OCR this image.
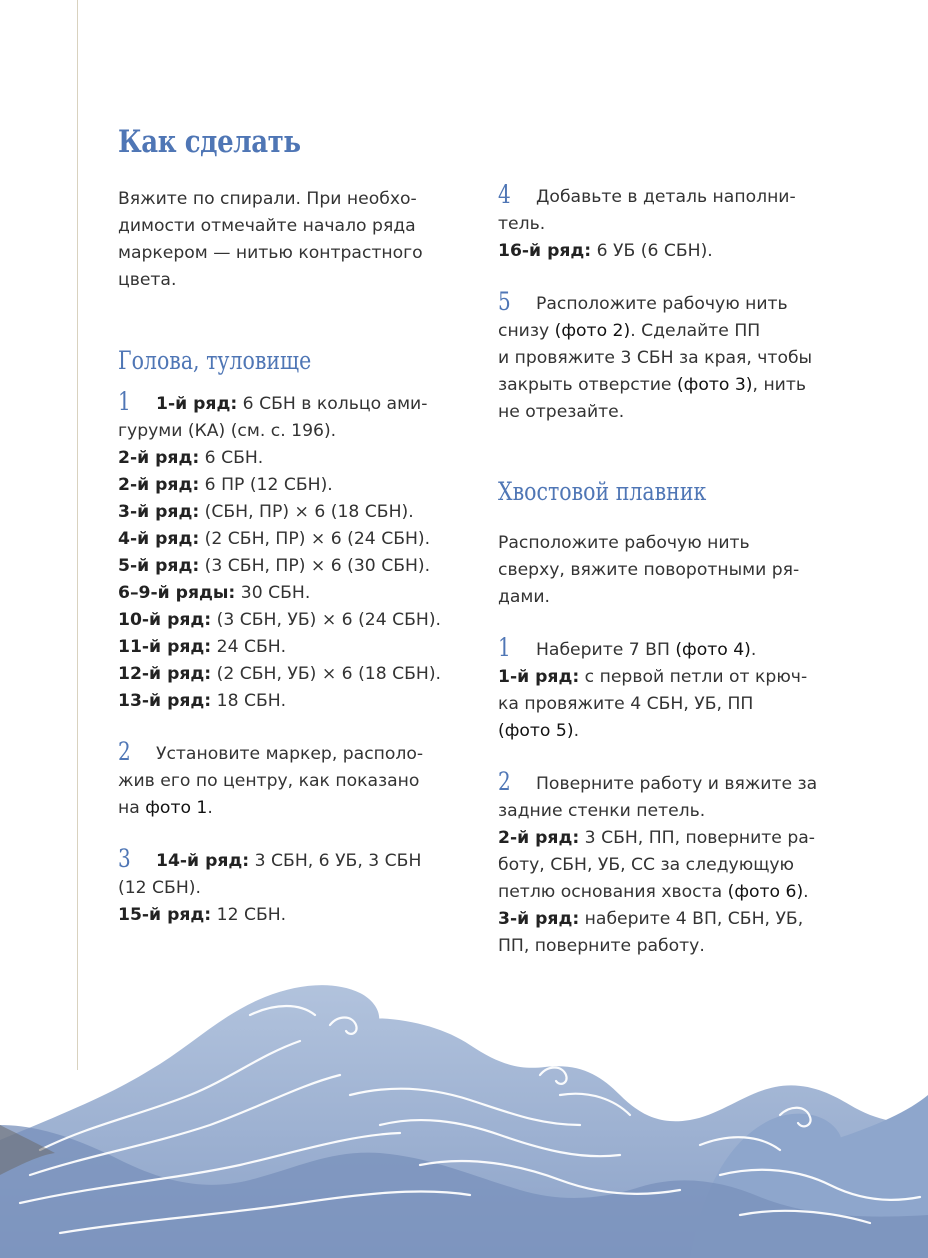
Как сделать

Вяжите по спирали. При необхо-
димости отмечайте начало ряда
маркером — нитью контрастного
цвета.

Голова, туловище

1 1-й ряд: 6 СБН в кольцо ами-
гуруми (КА) (см. с. 196).
2-й ряд: 6 СБН.
2-й ряд: 6 ПР (12 СБН).
3-й ряд: (СБН, ПР) × 6 (18 СБН).
4-й ряд: (2 СБН, ПР) × 6 (24 СБН).
5-й ряд: (3 СБН, ПР) × 6 (30 СБН).
6–9-й ряды: 30 СБН.
10-й ряд: (3 СБН, УБ) × 6 (24 СБН).
11-й ряд: 24 СБН.
12-й ряд: (2 СБН, УБ) × 6 (18 СБН).
13-й ряд: 18 СБН.

2 Установите маркер, располо-
жив его по центру, как показано
на фото 1.

3 14-й ряд: 3 СБН, 6 УБ, 3 СБН
(12 СБН).
15-й ряд: 12 СБН.

4 Добавьте в деталь наполни-
тель.
16-й ряд: 6 УБ (6 СБН).

5 Расположите рабочую нить
снизу (фото 2). Сделайте ПП
и провяжите 3 СБН за края, чтобы
закрыть отверстие (фото 3), нить
не отрезайте.

Хвостовой плавник

Расположите рабочую нить
сверху, вяжите поворотными ря-
дами.

1 Наберите 7 ВП (фото 4).
1-й ряд: с первой петли от крюч-
ка провяжите 4 СБН, УБ, ПП
(фото 5).

2 Поверните работу и вяжите за
задние стенки петель.
2-й ряд: 3 СБН, ПП, поверните ра-
боту, СБН, УБ, СС за следующую
петлю основания хвоста (фото 6).
3-й ряд: наберите 4 ВП, СБН, УБ,
ПП, поверните работу.
